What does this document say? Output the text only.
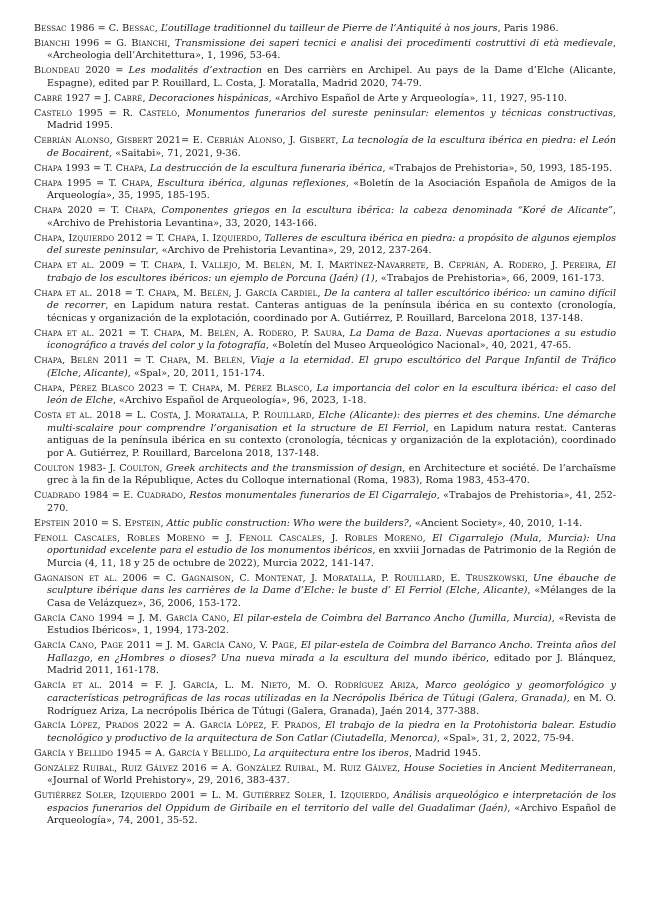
Bessac 1986 = C. Bessac, L’outillage traditionnel du tailleur de Pierre de l’Antiquité à nos jours, Paris 1986.

Bianchi 1996 = G. Bianchi, Transmissione dei saperi tecnici e analisi dei procedimenti costruttivi di età medievale, «Archeologia dell’Architettura», 1, 1996, 53-64.

Blondeau 2020 = Les modalités d’extraction en Des carrièrs en Archipel. Au pays de la Dame d’Elche (Alicante, Espagne), edited par P. Rouillard, L. Costa, J. Moratalla, Madrid 2020, 74-79.

Cabré 1927 = J. Cabré, Decoraciones hispánicas, «Archivo Español de Arte y Arqueología», 11, 1927, 95-110.

Castelo 1995 = R. Castelo, Monumentos funerarios del sureste peninsular: elementos y técnicas constructivas, Madrid 1995.

Cebrián Alonso, Gisbert 2021= E. Cebrián Alonso, J. Gisbert, La tecnología de la escultura ibérica en piedra: el León de Bocairent, «Saitabi», 71, 2021, 9-36.

Chapa 1993 = T. Chapa, La destrucción de la escultura funeraria ibérica, «Trabajos de Prehistoria», 50, 1993, 185-195.

Chapa 1995 = T. Chapa, Escultura ibérica, algunas reflexiones, «Boletín de la Asociación Española de Amigos de la Arqueología», 35, 1995, 185-195.

Chapa 2020 = T. Chapa, Componentes griegos en la escultura ibérica: la cabeza denominada “Koré de Alicante”, «Archivo de Prehistoria Levantina», 33, 2020, 143-166.

Chapa, Izquierdo 2012 = T. Chapa, I. Izquierdo, Talleres de escultura ibérica en piedra: a propósito de algunos ejemplos del sureste peninsular, «Archivo de Prehistoria Levantina», 29, 2012, 237-264.

Chapa et al. 2009 = T. Chapa, I. Vallejo, M. Belén, M. I. Martínez-Navarrete, B. Ceprián, A. Rodero, J. Pereira, El trabajo de los escultores ibéricos: un ejemplo de Porcuna (Jaén) (1), «Trabajos de Prehistoria», 66, 2009, 161-173.

Chapa et al. 2018 = T. Chapa, M. Belén, J. García Cardiel, De la cantera al taller escultórico ibérico: un camino difícil de recorrer, en Lapidum natura restat. Canteras antiguas de la península ibérica en su contexto (cronología, técnicas y organización de la explotación, coordinado por A. Gutiérrez, P. Rouillard, Barcelona 2018, 137-148.

Chapa et al. 2021 = T. Chapa, M. Belén, A. Rodero, P. Saura, La Dama de Baza. Nuevas aportaciones a su estudio iconográfico a través del color y la fotografía, «Boletín del Museo Arqueológico Nacional», 40, 2021, 47-65.

Chapa, Belén 2011 = T. Chapa, M. Belén, Viaje a la eternidad. El grupo escultórico del Parque Infantil de Tráfico (Elche, Alicante), «Spal», 20, 2011, 151-174.

Chapa, Pérez Blasco 2023 = T. Chapa, M. Pérez Blasco, La importancia del color en la escultura ibérica: el caso del león de Elche, «Archivo Español de Arqueología», 96, 2023, 1-18.

Costa et al. 2018 = L. Costa, J. Moratalla, P. Rouillard, Elche (Alicante): des pierres et des chemins. Une démarche multi-scalaire pour comprendre l’organisation et la structure de El Ferriol, en Lapidum natura restat. Canteras antiguas de la península ibérica en su contexto (cronología, técnicas y organización de la explotación), coordinado por A. Gutiérrez, P. Rouillard, Barcelona 2018, 137-148.

Coulton 1983- J. Coulton, Greek architects and the transmission of design, en Architecture et société. De l’archaïsme grec à la fin de la République, Actes du Colloque international (Roma, 1983), Roma 1983, 453-470.

Cuadrado 1984 = E. Cuadrado, Restos monumentales funerarios de El Cigarralejo, «Trabajos de Prehistoria», 41, 252-270.

Epstein 2010 = S. Epstein, Attic public construction: Who were the builders?, «Ancient Society», 40, 2010, 1-14.

Fenoll Cascales, Robles Moreno = J. Fenoll Cascales, J. Robles Moreno, El Cigarralejo (Mula, Murcia): Una oportunidad excelente para el estudio de los monumentos ibéricos, en xxviii Jornadas de Patrimonio de la Región de Murcia (4, 11, 18 y 25 de octubre de 2022), Murcia 2022, 141-147.

Gagnaison et al. 2006 = C. Gagnaison, C. Montenat, J. Moratalla, P. Rouillard, E. Truszkowski, Une ébauche de sculpture ibérique dans les carrières de la Dame d’Elche: le buste d’ El Ferriol (Elche, Alicante), «Mélanges de la Casa de Velázquez», 36, 2006, 153-172.

García Cano 1994 = J. M. García Cano, El pilar-estela de Coimbra del Barranco Ancho (Jumilla, Murcia), «Revista de Estudios Ibéricos», 1, 1994, 173-202.

García Cano, Page 2011 = J. M. García Cano, V. Page, El pilar-estela de Coimbra del Barranco Ancho. Treinta años del Hallazgo, en ¿Hombres o dioses? Una nueva mirada a la escultura del mundo ibérico, editado por J. Blánquez, Madrid 2011, 161-178.

García et al. 2014 = F. J. García, L. M. Nieto, M. O. Rodríguez Ariza, Marco geológico y geomorfológico y características petrográficas de las rocas utilizadas en la Necrópolis Ibérica de Tútugi (Galera, Granada), en M. O. Rodríguez Ariza, La necrópolis Ibérica de Tútugi (Galera, Granada), Jaén 2014, 377-388.

García López, Prados 2022 = A. García López, F. Prados, El trabajo de la piedra en la Protohistoria balear. Estudio tecnológico y productivo de la arquitectura de Son Catlar (Ciutadella, Menorca), «Spal», 31, 2, 2022, 75-94.

García y Bellido 1945 = A. García y Bellido, La arquitectura entre los iberos, Madrid 1945.

González Ruibal, Ruiz Gálvez 2016 = A. González Ruibal, M. Ruiz Gálvez, House Societies in Ancient Mediterranean, «Journal of World Prehistory», 29, 2016, 383-437.

Gutiérrez Soler, Izquierdo 2001 = L. M. Gutiérrez Soler, I. Izquierdo, Análisis arqueológico e interpretación de los espacios funerarios del Oppidum de Giribaile en el territorio del valle del Guadalimar (Jaén), «Archivo Español de Arqueología», 74, 2001, 35-52.
